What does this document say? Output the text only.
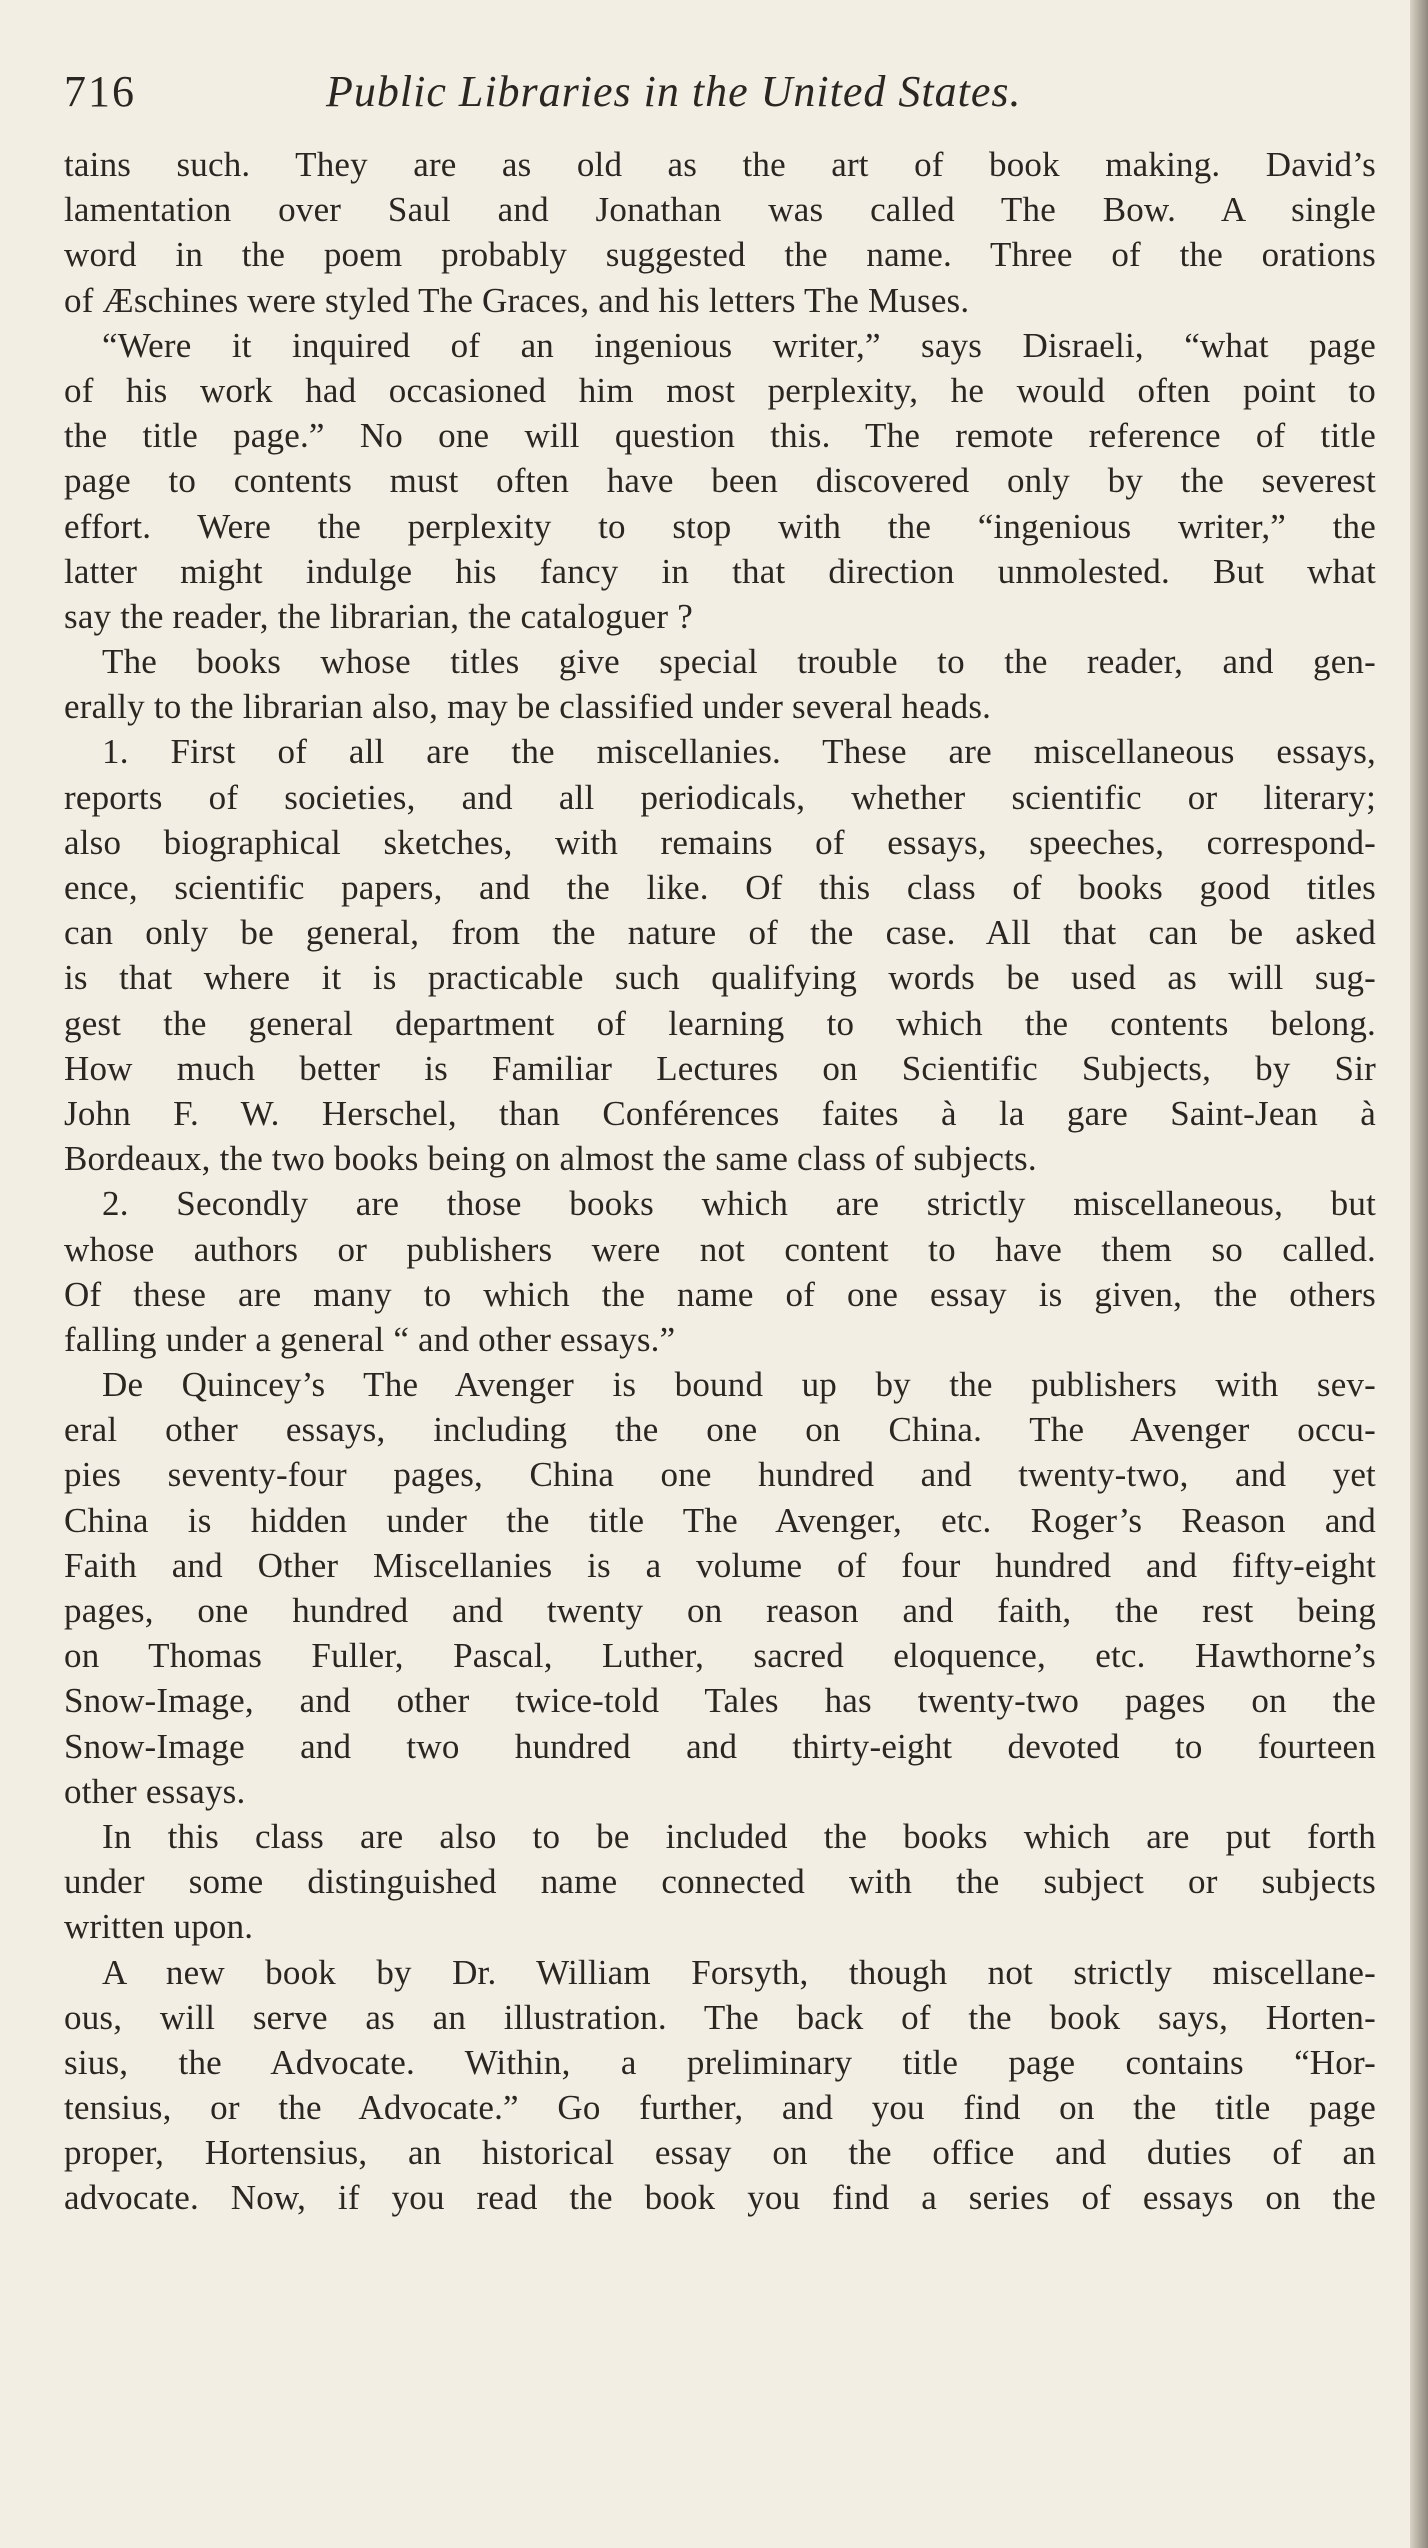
716	Public Libraries in the United States.
tains such. They are as old as the art of book making. David’s
lamentation over Saul and Jonathan was called The Bow. A single
word in the poem probably suggested the name. Three of the orations
of Æschines were styled The Graces, and his letters The Muses.
“Were it inquired of an ingenious writer,” says Disraeli, “what page
of his work had occasioned him most perplexity, he would often point to
the title page.” No one will question this. The remote reference of title
page to contents must often have been discovered only by the severest
effort. Were the perplexity to stop with the “ingenious writer,” the
latter might indulge his fancy in that direction unmolested. But what
say the reader, the librarian, the cataloguer ?
The books whose titles give special trouble to the reader, and gen-
erally to the librarian also, may be classified under several heads.
1. First of all are the miscellanies. These are miscellaneous essays,
reports of societies, and all periodicals, whether scientific or literary;
also biographical sketches, with remains of essays, speeches, correspond-
ence, scientific papers, and the like. Of this class of books good titles
can only be general, from the nature of the case. All that can be asked
is that where it is practicable such qualifying words be used as will sug-
gest the general department of learning to which the contents belong.
How much better is Familiar Lectures on Scientific Subjects, by Sir
John F. W. Herschel, than Conférences faites à la gare Saint-Jean à
Bordeaux, the two books being on almost the same class of subjects.
2. Secondly are those books which are strictly miscellaneous, but
whose authors or publishers were not content to have them so called.
Of these are many to which the name of one essay is given, the others
falling under a general “ and other essays.”
De Quincey’s The Avenger is bound up by the publishers with sev-
eral other essays, including the one on China. The Avenger occu-
pies seventy-four pages, China one hundred and twenty-two, and yet
China is hidden under the title The Avenger, etc. Roger’s Reason and
Faith and Other Miscellanies is a volume of four hundred and fifty-eight
pages, one hundred and twenty on reason and faith, the rest being
on Thomas Fuller, Pascal, Luther, sacred eloquence, etc. Hawthorne’s
Snow-Image, and other twice-told Tales has twenty-two pages on the
Snow-Image and two hundred and thirty-eight devoted to fourteen
other essays.
In this class are also to be included the books which are put forth
under some distinguished name connected with the subject or subjects
written upon.
A new book by Dr. William Forsyth, though not strictly miscellane-
ous, will serve as an illustration. The back of the book says, Horten-
sius, the Advocate. Within, a preliminary title page contains “Hor-
tensius, or the Advocate.” Go further, and you find on the title page
proper, Hortensius, an historical essay on the office and duties of an
advocate. Now, if you read the book you find a series of essays on the
